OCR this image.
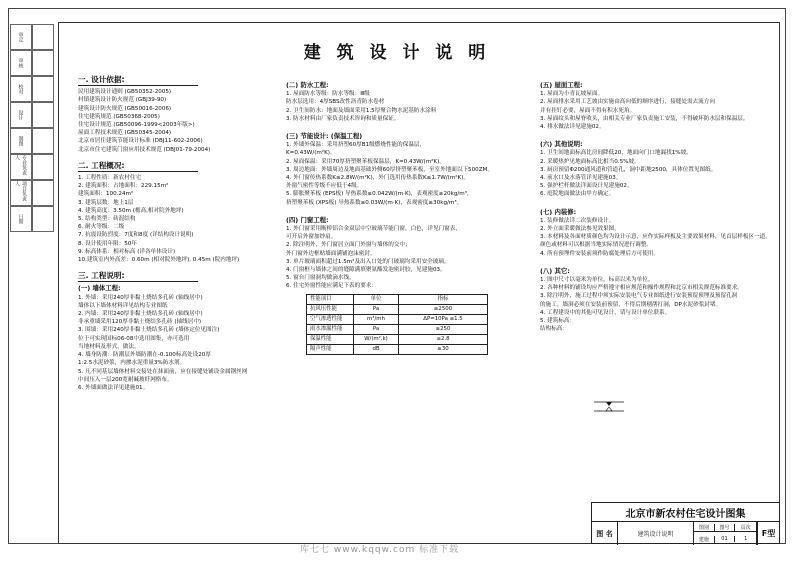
审定
审核
校对
设计
制图
专业负责人
项目负责人
日期
建 筑 设 计 说 明
一. 设计依据:
民用建筑设计通则 (GB50352-2005)
村镇建筑设计防火规范 (GBJ39-90)
建筑设计防火规范 (GB50016-2006)
住宅建筑规范 (GB50368-2005)
住宅设计规范 (GB50096-1999<2003年版>)
屋面工程技术规范 (GB50345-2004)
北京市居住建筑节能设计标准 (DBJ11-602-2006)
北京市住宅建筑门窗应用技术规范 (DBJ01-79-2004)
二. 工程概况:
1. 工程性质：新农村住宅
2. 建筑面积：占地面积：229.15m²
建筑面积：100.24m²
3. 建筑层数：地上1层
4. 建筑高度：3.50m (檐高,相对院外地坪)
5. 结构类型：砖混结构
6. 耐火等级：二级
7. 抗震设防烈度：7度和8度 (详结构设计说明)
8. 设计使用年限：50年
9. 标高体系：相对标高 (详各单体设计)
10.建筑室内外高差：0.60m (相对院外地坪), 0.45m (院内地坪)
三. 工程说明:
(一) 墙体工程:
1. 外墙：采用240厚非黏土烧结多孔砖 (轴线居中)
墙体以下墙体材料详见结构专业图纸
2. 内墙：采用240厚非黏土烧结多孔砖 (轴线居中)
非承重墙采用120厚非黏土烧结多孔砖 (轴线居中)
3. 围墙：采用240厚非黏土烧结多孔砖 (墙体定位见图注)
位于可实现国标06-08中选用图集，亦可选用
当地材料及形式，做法。
4. 墙身防潮：防潮层外墙防潮在-0.100标高处设20厚
1:2.5水泥砂浆，内掺水泥重量3%防水剂。
5. 凡不同基层墙体材料交接处在抹面前，应在接缝处铺设金属钢丝网
中间压入一层200宽耐碱玻纤网格布。
6. 外墙面做法详见建施01。
(二) 防水工程:
1. 屋面防水等级：防水等级：Ⅲ级
防水层选用：4厚SBS改性沥青防水卷材
2. 卫生间防水：地面及墙面采用1.5厚聚合物水泥基防水涂料
3. 防水材料由厂家负责技术咨询和质量保证。
(三) 节能设计: (保温工程)
1. 外墙外保温：采用挤塑60厚B1级燃烧性能的保温层，
K=0.43W/(m²K)。
2. 屋面保温：采用70厚挤塑聚苯板保温层，K=0.43W/(m²K)。
3. 周边地面：外墙周边及地面基础外侧60厚挤塑聚苯板，至室外地面以下500ZM。
4. 外门窗传热系数K≤2.8W/(m²K)，外门选用传热系数K≤1.7W/(m²K)。
外窗气密性等级不应低于4级。
5. 膨胀聚苯板 (EPS板) 导热系数≤0.042W/(m·K)，表观密度≥20kg/m³，
挤塑聚苯板 (XPS板) 导热系数≤0.03W/(m·K)，表观密度≥30kg/m³。
(四) 门窗工程:
1. 外门窗采用断桥铝合金双层中空玻璃节能门窗，白色，详见门窗表，
可开启外窗加纱扇。
2. 除注明外，外门窗居立面门外窗与墙体的交中；
外门窗外边框贴墙面满铺泡沫密封。
3. 单片玻璃面积超过1.5m²及出入口处的门玻璃均采用安全玻璃。
4. 门窗框与墙体之间的缝隙满填聚氨酯发泡密封胶，见建施03。
5. 窗台门窗洞均做滴水线。
6. 住宅外窗性能应满足下表的要求：
性能项目	单位	指标
抗风压性能	Pa	≥2500
空气渗透性能	m³/mh	ΔP=10Pa ≤1.5
雨水渗漏性能	Pa	≥250
保温性能	W/(m².k)	≤2.8
隔声性能	dB	≥30
(五) 屋面工程:
1. 屋面为小青瓦坡屋面。
2. 屋面排水采用工艺坡由实施由高向低的顺序进行，接缝处需去流方向
并有挂钉必要，屋面不得有积水死角。
3. 屋面纹头和屋脊收头，由相关专业厂家负责施工安装，不得破坏防水层和保温层。
4. 排水做法详见建施02。
(六) 其他说明:
1. 卫生间地面标高比房间降低20，地面向门口地漏找1%坡。
2. 采暖热炉见地面标高比相当0.5%坡。
3. 厨房预留Φ200通风道和管道孔，洞中距地2500，具体位置见图纸。
4. 前水口及水落管详见建施03。
5. 强护栏杆做法详面设计见建施02。
6. 庭院地面做法由甲方确定。
(七) 内装修:
1. 装修做法详二次装修设计。
2. 外立面采暖做法参见效果图。
3. 本材料及各面材质颜色均为设计示意，应作实际样板及主要效果材料，见首层样板区一道。
颜色或材料可以根据当地实际情况进行调整。
4. 所有预埋件安装前须作防腐处理后方可使用。
(八) 其它:
1. 图中尺寸以毫米为单位，标高以米为单位。
2. 各种材料的铺设均应严格遵守相应规范和操作规程和北京市相关规范标准要求。
3. 除注明外，施工过程中须实际安装电气专业图纸进行安装预留预埋及预留孔洞
的施工。墙洞必须在安装前预留，不得后期剔凿打洞，DP水泥砂浆封堵。
4. 工程建设中的其他可见设计，请与设计单位联系。
5. 建筑标高：
结构标高：
北京市新农村住宅设计图集
图 名	建筑设计说明
图别	图号	页次
建施	01	1
F型
库七七 www.kqqw.com 标准下载
